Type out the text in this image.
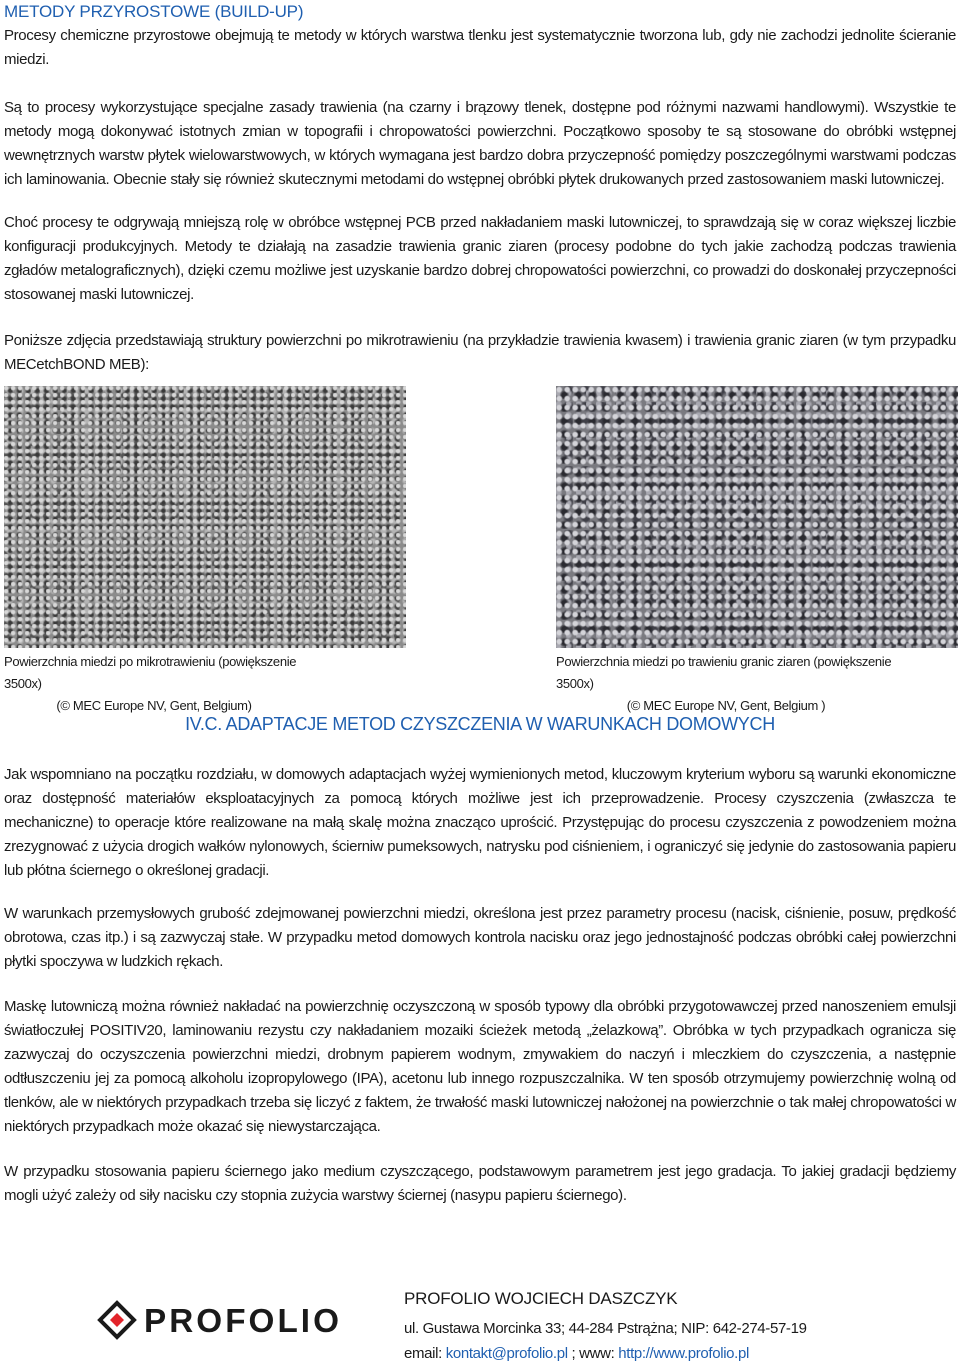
METODY PRZYROSTOWE (BUILD-UP)

Procesy chemiczne przyrostowe obejmują te metody w których warstwa tlenku jest systematycznie tworzona lub, gdy nie zachodzi jednolite ścieranie miedzi.

Są to procesy wykorzystujące specjalne zasady trawienia (na czarny i brązowy tlenek, dostępne pod różnymi nazwami handlowymi). Wszystkie te metody mogą dokonywać istotnych zmian w topografii i chropowatości powierzchni. Początkowo sposoby te są stosowane do obróbki wstępnej wewnętrznych warstw płytek wielowarstwowych, w których wymagana jest bardzo dobra przyczepność pomiędzy poszczególnymi warstwami podczas ich laminowania. Obecnie stały się również skutecznymi metodami do wstępnej obróbki płytek drukowanych przed zastosowaniem maski lutowniczej.

Choć procesy te odgrywają mniejszą rolę w obróbce wstępnej PCB przed nakładaniem maski lutowniczej, to sprawdzają się w coraz większej liczbie konfiguracji produkcyjnych. Metody te działają na zasadzie trawienia granic ziaren (procesy podobne do tych jakie zachodzą podczas trawienia zgładów metalograficznych), dzięki czemu możliwe jest uzyskanie bardzo dobrej chropowatości powierzchni, co prowadzi do doskonałej przyczepności stosowanej maski lutowniczej.

Poniższe zdjęcia przedstawiają struktury powierzchni po mikrotrawieniu (na przykładzie trawienia kwasem) i trawienia granic ziaren (w tym przypadku MECetchBOND MEB):

Powierzchnia miedzi po mikrotrawieniu (powiększenie 3500x)
(© MEC Europe NV, Gent, Belgium)

Powierzchnia miedzi po trawieniu granic ziaren (powiększenie 3500x)
(© MEC Europe NV, Gent, Belgium )

IV.C. ADAPTACJE METOD CZYSZCZENIA W WARUNKACH DOMOWYCH

Jak wspomniano na początku rozdziału, w domowych adaptacjach wyżej wymienionych metod, kluczowym kryterium wyboru są warunki ekonomiczne oraz dostępność materiałów eksploatacyjnych za pomocą których możliwe jest ich przeprowadzenie. Procesy czyszczenia (zwłaszcza te mechaniczne) to operacje które realizowane na małą skalę można znacząco uprościć. Przystępując do procesu czyszczenia z powodzeniem można zrezygnować z użycia drogich wałków nylonowych, ścierniw pumeksowych, natrysku pod ciśnieniem, i ograniczyć się jedynie do zastosowania papieru lub płótna ściernego o określonej gradacji.

W warunkach przemysłowych grubość zdejmowanej powierzchni miedzi, określona jest przez parametry procesu (nacisk, ciśnienie, posuw, prędkość obrotowa, czas itp.) i są zazwyczaj stałe. W przypadku metod domowych kontrola nacisku oraz jego jednostajność podczas obróbki całej powierzchni płytki spoczywa w ludzkich rękach.

Maskę lutowniczą można również nakładać na powierzchnię oczyszczoną w sposób typowy dla obróbki przygotowawczej przed nanoszeniem emulsji światłoczułej POSITIV20, laminowaniu rezystu czy nakładaniem mozaiki ścieżek metodą „żelazkową”. Obróbka w tych przypadkach ogranicza się zazwyczaj do oczyszczenia powierzchni miedzi, drobnym papierem wodnym, zmywakiem do naczyń i mleczkiem do czyszczenia, a następnie odtłuszczeniu jej za pomocą alkoholu izopropylowego (IPA), acetonu lub innego rozpuszczalnika. W ten sposób otrzymujemy powierzchnię wolną od tlenków, ale w niektórych przypadkach trzeba się liczyć z faktem, że trwałość maski lutowniczej nałożonej na powierzchnie o tak małej chropowatości w niektórych przypadkach może okazać się niewystarczająca.

W przypadku stosowania papieru ściernego jako medium czyszczącego, podstawowym parametrem jest jego gradacja. To jakiej gradacji będziemy mogli użyć zależy od siły nacisku czy stopnia zużycia warstwy ściernej (nasypu papieru ściernego).

PROFOLIO
PROFOLIO WOJCIECH DASZCZYK
ul. Gustawa Morcinka 33; 44-284 Pstrążna; NIP: 642-274-57-19
email: kontakt@profolio.pl ; www: http://www.profolio.pl
